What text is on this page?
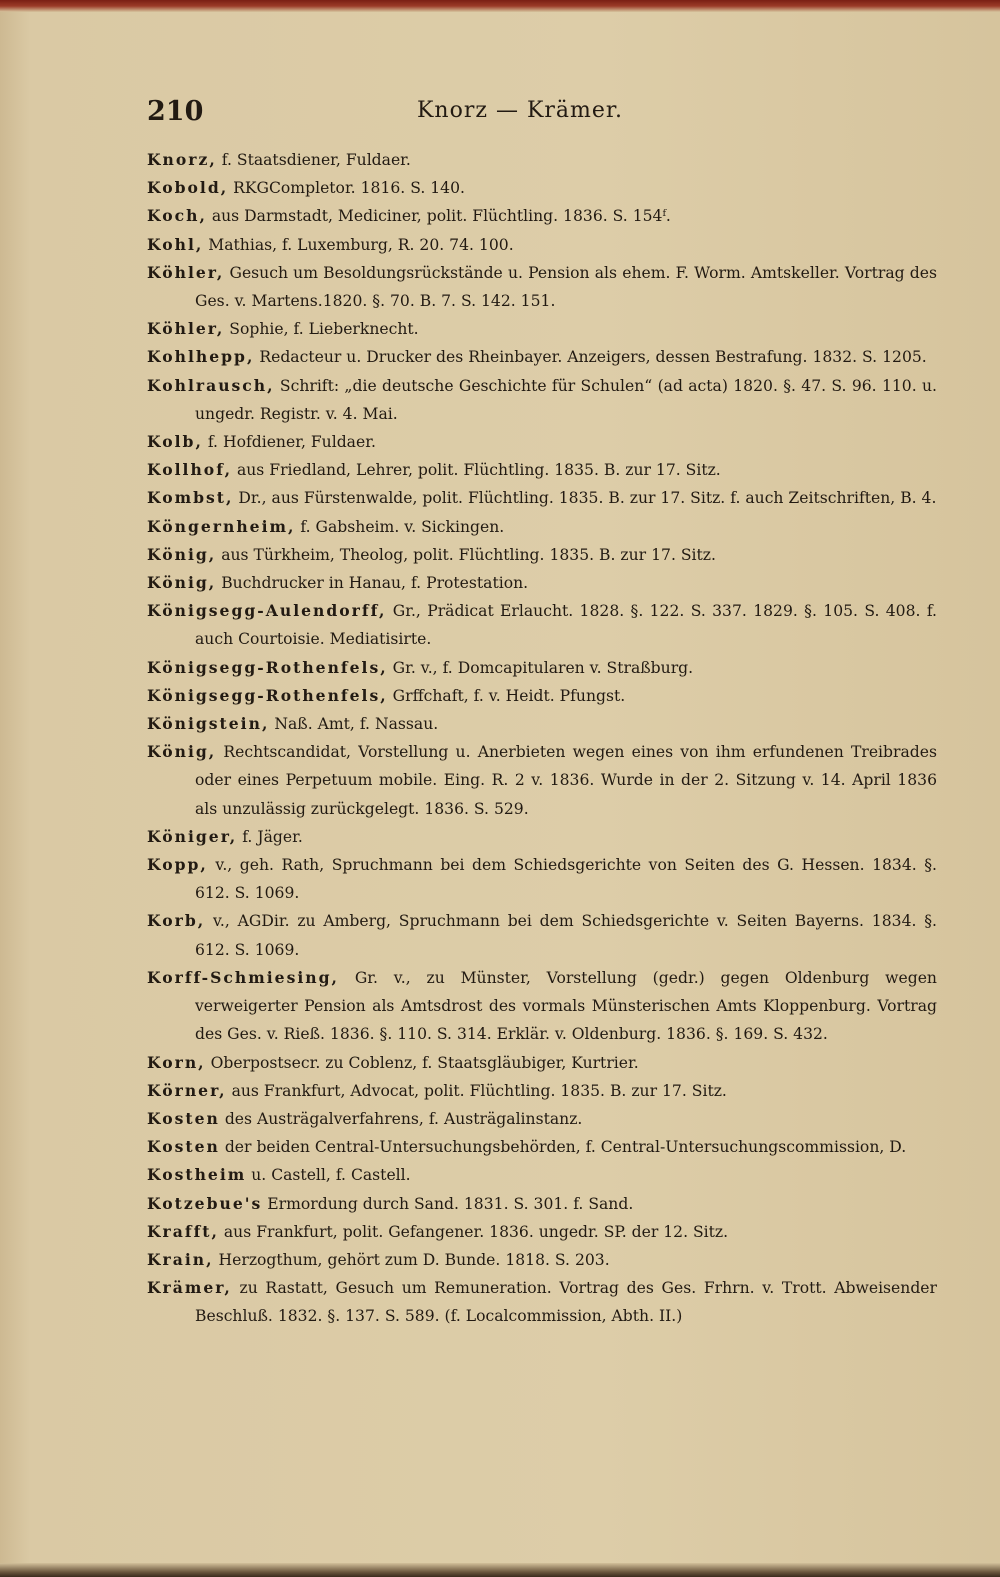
210	Knorz — Krämer.
Knorz, f. Staatsdiener, Fuldaer.
Kobold, RKGCompletor. 1816. S. 140.
Koch, aus Darmstadt, Mediciner, polit. Flüchtling. 1836. S. 154ᶠ.
Kohl, Mathias, f. Luxemburg, R. 20. 74. 100.
Köhler, Gesuch um Besoldungsrückstände u. Pension als ehem. F. Worm. Amtskeller. Vortrag des Ges. v. Martens.1820. §. 70. B. 7. S. 142. 151.
Köhler, Sophie, f. Lieberknecht.
Kohlhepp, Redacteur u. Drucker des Rheinbayer. Anzeigers, dessen Bestrafung. 1832. S. 1205.
Kohlrausch, Schrift: „die deutsche Geschichte für Schulen“ (ad acta) 1820. §. 47. S. 96. 110. u. ungedr. Registr. v. 4. Mai.
Kolb, f. Hofdiener, Fuldaer.
Kollhof, aus Friedland, Lehrer, polit. Flüchtling. 1835. B. zur 17. Sitz.
Kombst, Dr., aus Fürstenwalde, polit. Flüchtling. 1835. B. zur 17. Sitz. f. auch Zeitschriften, B. 4.
Köngernheim, f. Gabsheim. v. Sickingen.
König, aus Türkheim, Theolog, polit. Flüchtling. 1835. B. zur 17. Sitz.
König, Buchdrucker in Hanau, f. Protestation.
Königsegg-Aulendorff, Gr., Prädicat Erlaucht. 1828. §. 122. S. 337. 1829. §. 105. S. 408. f. auch Courtoisie. Mediatisirte.
Königsegg-Rothenfels, Gr. v., f. Domcapitularen v. Straßburg.
Königsegg-Rothenfels, Grffchaft, f. v. Heidt. Pfungst.
Königstein, Naß. Amt, f. Nassau.
König, Rechtscandidat, Vorstellung u. Anerbieten wegen eines von ihm erfundenen Treibrades oder eines Perpetuum mobile. Eing. R. 2 v. 1836. Wurde in der 2. Sitzung v. 14. April 1836 als unzulässig zurückgelegt. 1836. S. 529.
Königer, f. Jäger.
Kopp, v., geh. Rath, Spruchmann bei dem Schiedsgerichte von Seiten des G. Hessen. 1834. §. 612. S. 1069.
Korb, v., AGDir. zu Amberg, Spruchmann bei dem Schiedsgerichte v. Seiten Bayerns. 1834. §. 612. S. 1069.
Korff-Schmiesing, Gr. v., zu Münster, Vorstellung (gedr.) gegen Oldenburg wegen verweigerter Pension als Amtsdrost des vormals Münsterischen Amts Kloppenburg. Vortrag des Ges. v. Rieß. 1836. §. 110. S. 314. Erklär. v. Oldenburg. 1836. §. 169. S. 432.
Korn, Oberpostsecr. zu Coblenz, f. Staatsgläubiger, Kurtrier.
Körner, aus Frankfurt, Advocat, polit. Flüchtling. 1835. B. zur 17. Sitz.
Kosten des Austrägalverfahrens, f. Austrägalinstanz.
Kosten der beiden Central-Untersuchungsbehörden, f. Central-Untersuchungscommission, D.
Kostheim u. Castell, f. Castell.
Kotzebue's Ermordung durch Sand. 1831. S. 301. f. Sand.
Krafft, aus Frankfurt, polit. Gefangener. 1836. ungedr. SP. der 12. Sitz.
Krain, Herzogthum, gehört zum D. Bunde. 1818. S. 203.
Krämer, zu Rastatt, Gesuch um Remuneration. Vortrag des Ges. Frhrn. v. Trott. Abweisender Beschluß. 1832. §. 137. S. 589. (f. Localcommission, Abth. II.)
